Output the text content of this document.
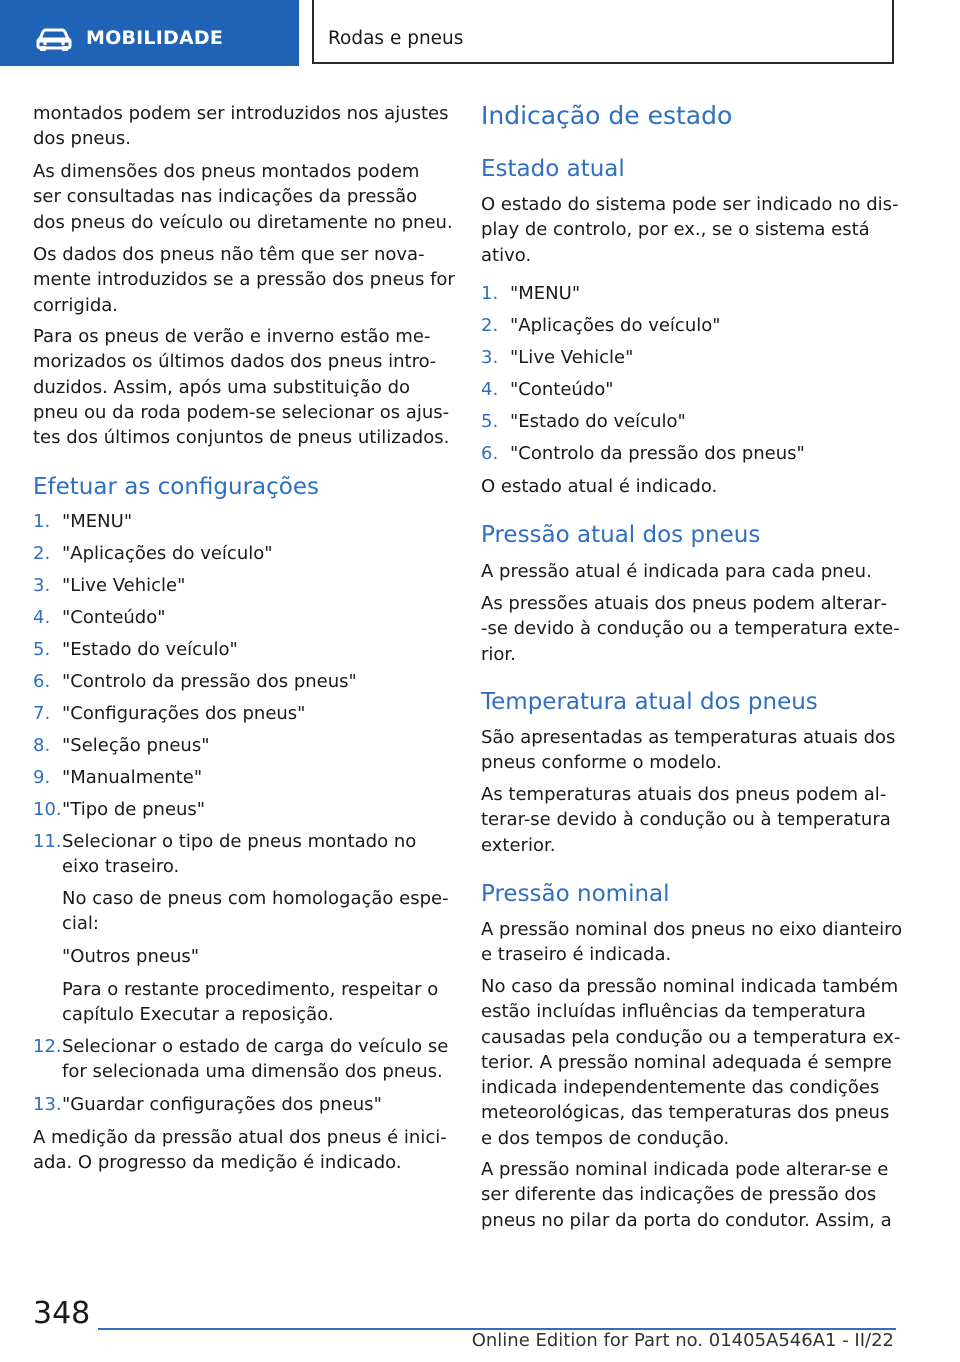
MOBILIDADE	Rodas e pneus
montados podem ser introduzidos nos ajustes
dos pneus.
As dimensões dos pneus montados podem
ser consultadas nas indicações da pressão
dos pneus do veículo ou diretamente no pneu.
Os dados dos pneus não têm que ser nova‐
mente introduzidos se a pressão dos pneus for
corrigida.
Para os pneus de verão e inverno estão me‐
morizados os últimos dados dos pneus intro‐
duzidos. Assim, após uma substituição do
pneu ou da roda podem-se selecionar os ajus‐
tes dos últimos conjuntos de pneus utilizados.
Efetuar as configurações
1. "MENU"
2. "Aplicações do veículo"
3. "Live Vehicle"
4. "Conteúdo"
5. "Estado do veículo"
6. "Controlo da pressão dos pneus"
7. "Configurações dos pneus"
8. "Seleção pneus"
9. "Manualmente"
10. "Tipo de pneus"
11. Selecionar o tipo de pneus montado no
eixo traseiro.
No caso de pneus com homologação espe‐
cial:
"Outros pneus"
Para o restante procedimento, respeitar o
capítulo Executar a reposição.
12. Selecionar o estado de carga do veículo se
for selecionada uma dimensão dos pneus.
13. "Guardar configurações dos pneus"
A medição da pressão atual dos pneus é inici‐
ada. O progresso da medição é indicado.
Indicação de estado
Estado atual
O estado do sistema pode ser indicado no dis‐
play de controlo, por ex., se o sistema está
ativo.
1. "MENU"
2. "Aplicações do veículo"
3. "Live Vehicle"
4. "Conteúdo"
5. "Estado do veículo"
6. "Controlo da pressão dos pneus"
O estado atual é indicado.
Pressão atual dos pneus
A pressão atual é indicada para cada pneu.
As pressões atuais dos pneus podem alterar‐
-se devido à condução ou a temperatura exte‐
rior.
Temperatura atual dos pneus
São apresentadas as temperaturas atuais dos
pneus conforme o modelo.
As temperaturas atuais dos pneus podem al‐
terar-se devido à condução ou à temperatura
exterior.
Pressão nominal
A pressão nominal dos pneus no eixo dianteiro
e traseiro é indicada.
No caso da pressão nominal indicada também
estão incluídas influências da temperatura
causadas pela condução ou a temperatura ex‐
terior. A pressão nominal adequada é sempre
indicada independentemente das condições
meteorológicas, das temperaturas dos pneus
e dos tempos de condução.
A pressão nominal indicada pode alterar-se e
ser diferente das indicações de pressão dos
pneus no pilar da porta do condutor. Assim, a
348
Online Edition for Part no. 01405A546A1 - II/22
